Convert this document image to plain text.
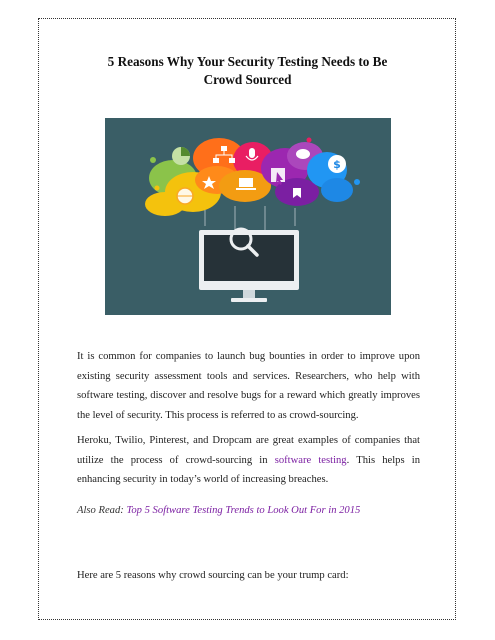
5 Reasons Why Your Security Testing Needs to Be
Crowd Sourced
$
It is common for companies to launch bug bounties in order to improve upon existing security assessment tools and services. Researchers, who help with software testing, discover and resolve bugs for a reward which greatly improves the level of security. This process is referred to as crowd-sourcing.
Heroku, Twilio, Pinterest, and Dropcam are great examples of companies that utilize the process of crowd-sourcing in software testing. This helps in enhancing security in today’s world of increasing breaches.
Also Read: Top 5 Software Testing Trends to Look Out For in 2015
Here are 5 reasons why crowd sourcing can be your trump card:
